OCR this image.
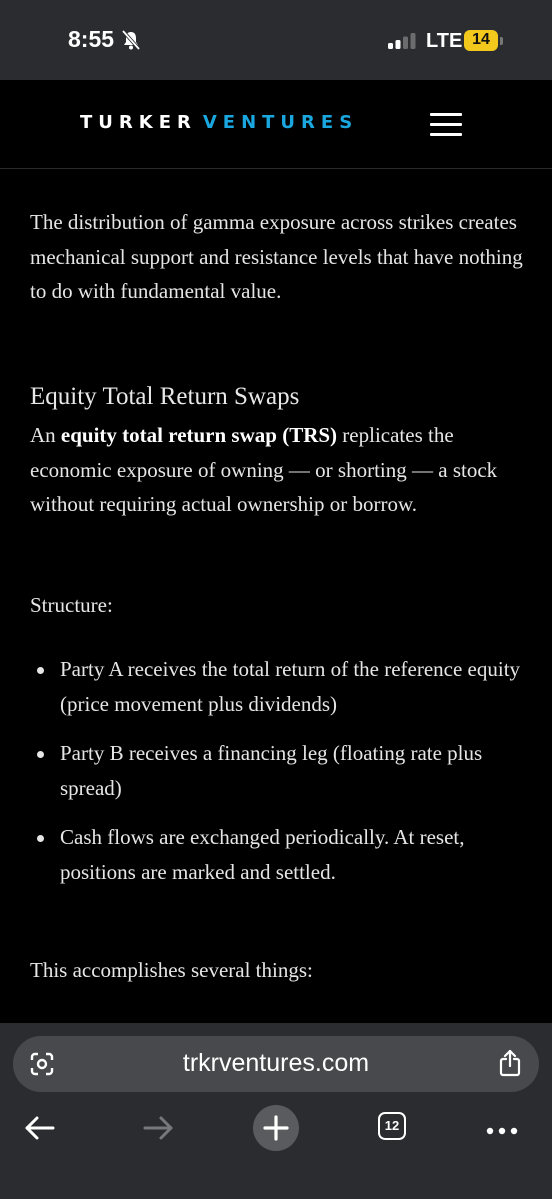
8:55	LTE 14
TURKER VENTURES

The distribution of gamma exposure across strikes creates mechanical support and resistance levels that have nothing to do with fundamental value.

Equity Total Return Swaps

An equity total return swap (TRS) replicates the economic exposure of owning — or shorting — a stock without requiring actual ownership or borrow.

Structure:

Party A receives the total return of the reference equity (price movement plus dividends)
Party B receives a financing leg (floating rate plus spread)
Cash flows are exchanged periodically. At reset, positions are marked and settled.

This accomplishes several things:

trkrventures.com
12
